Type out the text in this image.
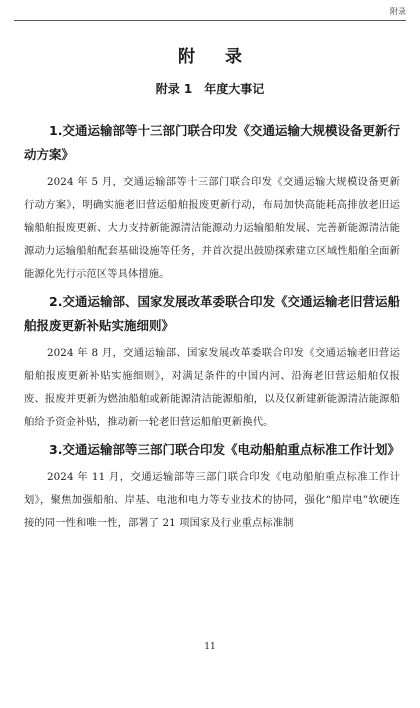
附录
附 录
附录 1　年度大事记
1.交通运输部等十三部门联合印发《交通运输大规模设备更新行动方案》
2024 年 5 月，交通运输部等十三部门联合印发《交通运输大规模设备更新行动方案》，明确实施老旧营运船舶报废更新行动，布局加快高能耗高排放老旧运输船舶报废更新、大力支持新能源清洁能源动力运输船舶发展、完善新能源清洁能源动力运输船舶配套基础设施等任务，并首次提出鼓励探索建立区域性船舶全面新能源化先行示范区等具体措施。
2.交通运输部、国家发展改革委联合印发《交通运输老旧营运船舶报废更新补贴实施细则》
2024 年 8 月，交通运输部、国家发展改革委联合印发《交通运输老旧营运船舶报废更新补贴实施细则》，对满足条件的中国内河、沿海老旧营运船舶仅报废、报废并更新为燃油船舶或新能源清洁能源船舶，以及仅新建新能源清洁能源船舶给予资金补贴，推动新一轮老旧营运船舶更新换代。
3.交通运输部等三部门联合印发《电动船舶重点标准工作计划》
2024 年 11 月，交通运输部等三部门联合印发《电动船舶重点标准工作计划》，聚焦加强船舶、岸基、电池和电力等专业技术的协同，强化“船岸电”软硬连接的同一性和唯一性，部署了 21 项国家及行业重点标准制
11
